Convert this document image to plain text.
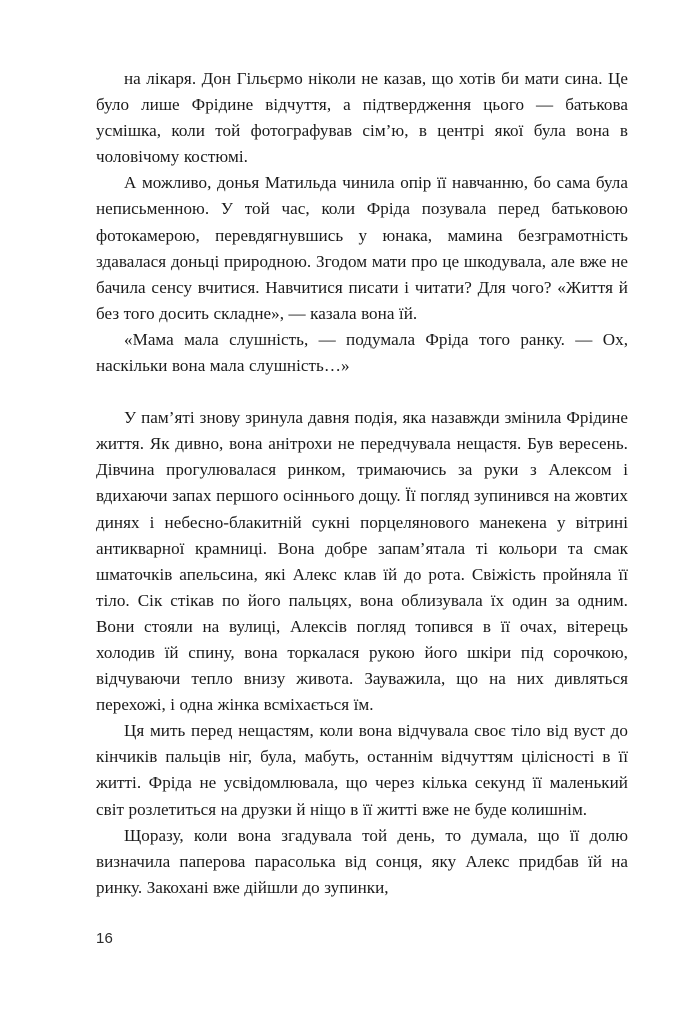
на лікаря. Дон Гільєрмо ніколи не казав, що хотів би мати сина. Це було лише Фрідине відчуття, а підтвердження цього — батькова усмішка, коли той фотографував сім’ю, в центрі якої була вона в чоловічому костюмі.

А можливо, донья Матильда чинила опір її навчанню, бо сама була неписьменною. У той час, коли Фріда позувала перед батьковою фотокамерою, перевдягнувшись у юнака, мамина безграмотність здавалася доньці природною. Згодом мати про це шкодувала, але вже не бачила сенсу вчитися. Навчитися писати і читати? Для чого? «Життя й без того досить складне», — казала вона їй.

«Мама мала слушність, — подумала Фріда того ранку. — Ох, наскільки вона мала слушність…»

У пам’яті знову зринула давня подія, яка назавжди змінила Фрідине життя. Як дивно, вона анітрохи не передчувала нещастя. Був вересень. Дівчина прогулювалася ринком, тримаючись за руки з Алексом і вдихаючи запах першого осіннього дощу. Її погляд зупинився на жовтих динях і небесно-блакитній сукні порцелянового манекена у вітрині антикварної крамниці. Вона добре запам’ятала ті кольори та смак шматочків апельсина, які Алекс клав їй до рота. Свіжість пройняла її тіло. Сік стікав по його пальцях, вона облизувала їх один за одним. Вони стояли на вулиці, Алексів погляд топився в її очах, вітерець холодив їй спину, вона торкалася рукою його шкіри під сорочкою, відчуваючи тепло внизу живота. Зауважила, що на них дивляться перехожі, і одна жінка всміхається їм.

Ця мить перед нещастям, коли вона відчувала своє тіло від вуст до кінчиків пальців ніг, була, мабуть, останнім відчуттям цілісності в її житті. Фріда не усвідомлювала, що через кілька секунд її маленький світ розлетиться на друзки й ніщо в її житті вже не буде колишнім.

Щоразу, коли вона згадувала той день, то думала, що її долю визначила паперова парасолька від сонця, яку Алекс придбав їй на ринку. Закохані вже дійшли до зупинки,

16
